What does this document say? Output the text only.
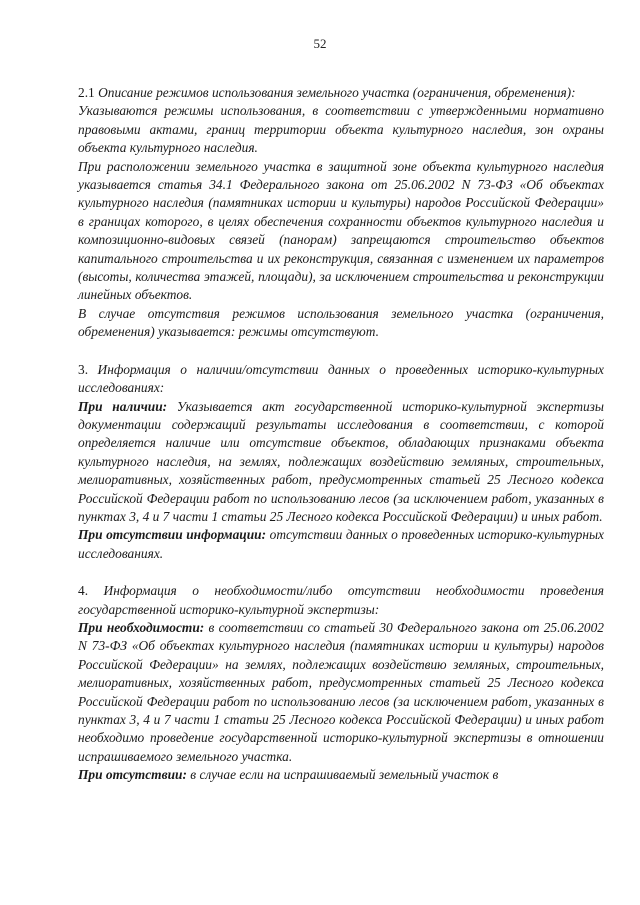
52

2.1 Описание режимов использования земельного участка (ограничения, обременения):

Указываются режимы использования, в соответствии с утвержденными нормативно правовыми актами, границ территории объекта культурного наследия, зон охраны объекта культурного наследия.

При расположении земельного участка в защитной зоне объекта культурного наследия указывается статья 34.1 Федерального закона от 25.06.2002 N 73-ФЗ «Об объектах культурного наследия (памятниках истории и культуры) народов Российской Федерации» в границах которого, в целях обеспечения сохранности объектов культурного наследия и композиционно-видовых связей (панорам) запрещаются строительство объектов капитального строительства и их реконструкция, связанная с изменением их параметров (высоты, количества этажей, площади), за исключением строительства и реконструкции линейных объектов.

В случае отсутствия режимов использования земельного участка (ограничения, обременения) указывается: режимы отсутствуют.

3. Информация о наличии/отсутствии данных о проведенных историко-культурных исследованиях:

При наличии: Указывается акт государственной историко-культурной экспертизы документации содержащий результаты исследования в соответствии, с которой определяется наличие или отсутствие объектов, обладающих признаками объекта культурного наследия, на землях, подлежащих воздействию земляных, строительных, мелиоративных, хозяйственных работ, предусмотренных статьей 25 Лесного кодекса Российской Федерации работ по использованию лесов (за исключением работ, указанных в пунктах 3, 4 и 7 части 1 статьи 25 Лесного кодекса Российской Федерации) и иных работ.

При отсутствии информации: отсутствии данных о проведенных историко-культурных исследованиях.

4. Информация о необходимости/либо отсутствии необходимости проведения государственной историко-культурной экспертизы:

При необходимости: в соответствии со статьей 30 Федерального закона от 25.06.2002 N 73-ФЗ «Об объектах культурного наследия (памятниках истории и культуры) народов Российской Федерации» на землях, подлежащих воздействию земляных, строительных, мелиоративных, хозяйственных работ, предусмотренных статьей 25 Лесного кодекса Российской Федерации работ по использованию лесов (за исключением работ, указанных в пунктах 3, 4 и 7 части 1 статьи 25 Лесного кодекса Российской Федерации) и иных работ необходимо проведение государственной историко-культурной экспертизы в отношении испрашиваемого земельного участка.

При отсутствии: в случае если на испрашиваемый земельный участок в
